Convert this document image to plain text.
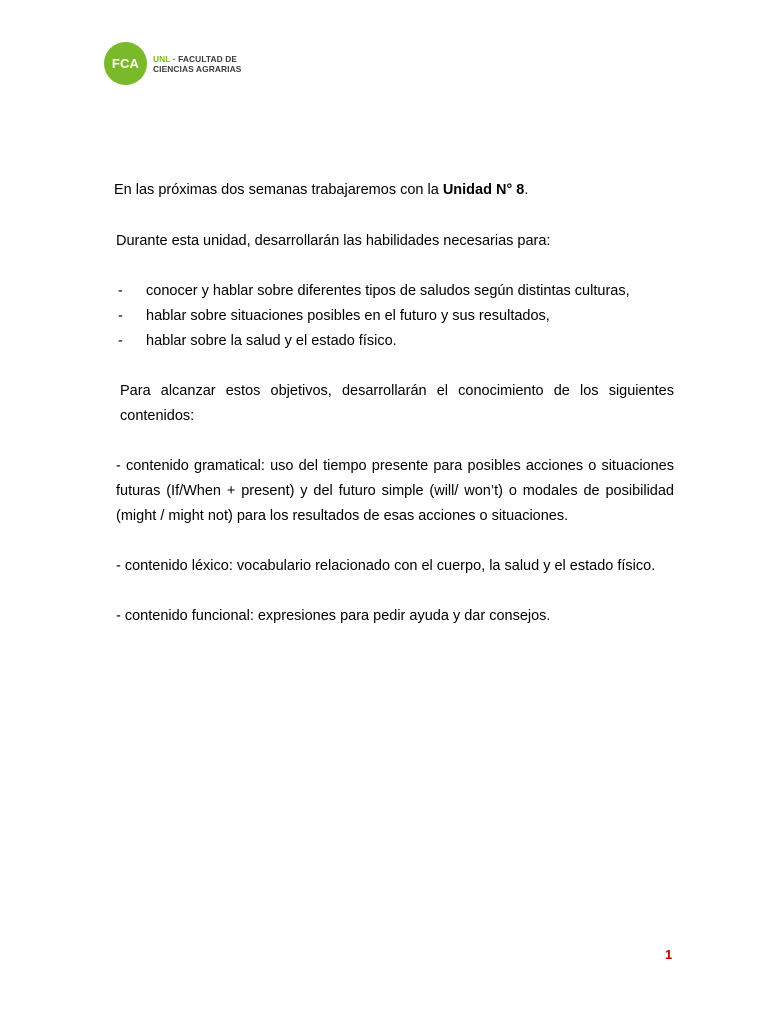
FCA	UNL · FACULTAD DE
CIENCIAS AGRARIAS
En las próximas dos semanas trabajaremos con la Unidad N° 8.
Durante esta unidad, desarrollarán las habilidades necesarias para:
- conocer y hablar sobre diferentes tipos de saludos según distintas culturas,
- hablar sobre situaciones posibles en el futuro y sus resultados,
- hablar sobre la salud y el estado físico.
Para alcanzar estos objetivos, desarrollarán el conocimiento de los siguientes contenidos:
- contenido gramatical: uso del tiempo presente para posibles acciones o situaciones futuras (If/When + present) y del futuro simple (will/ won’t) o modales de posibilidad (might / might not) para los resultados de esas acciones o situaciones.
- contenido léxico: vocabulario relacionado con el cuerpo, la salud y el estado físico.
- contenido funcional: expresiones para pedir ayuda y dar consejos.
1
